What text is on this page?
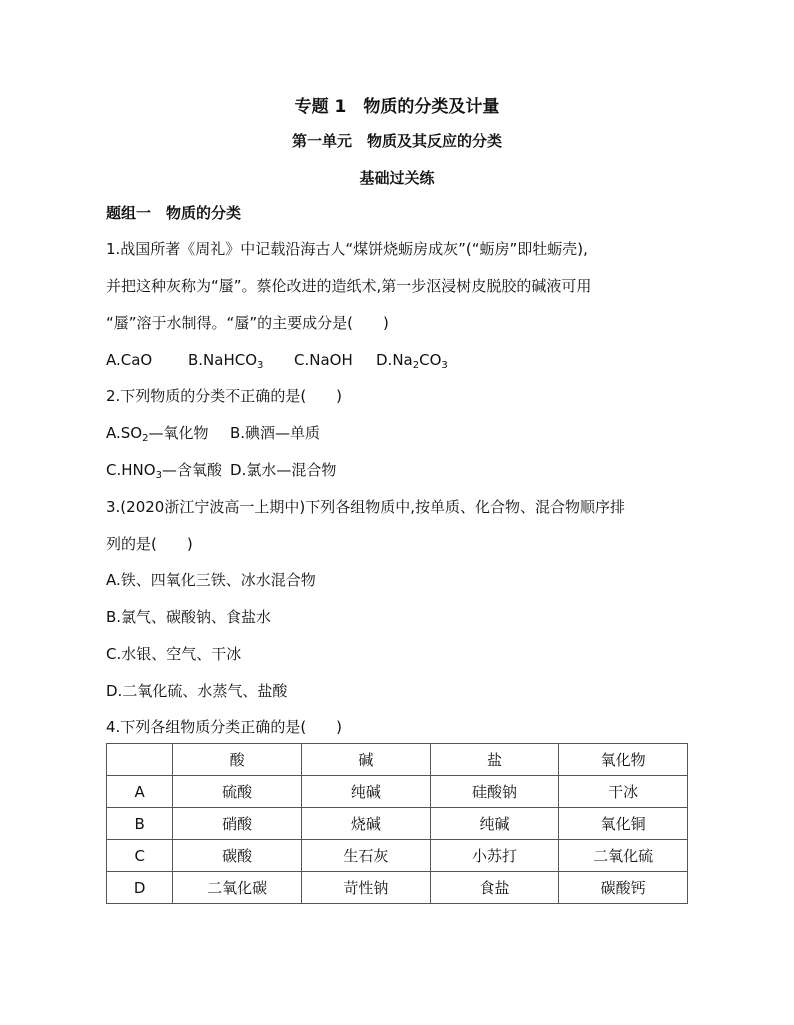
专题 1　物质的分类及计量
第一单元　物质及其反应的分类
基础过关练
题组一　物质的分类
1.战国所著《周礼》中记载沿海古人“煤饼烧蛎房成灰”(“蛎房”即牡蛎壳),
并把这种灰称为“蜃”。蔡伦改进的造纸术,第一步沤浸树皮脱胶的碱液可用
“蜃”溶于水制得。“蜃”的主要成分是(　　)
A.CaO B.NaHCO$_3$ C.NaOH $D.Na_2CO_3$
2.下列物质的分类不正确的是(　　)
$A.SO_2—$氧化物 B.碘酒—单质
$C.HNO_3—$含氧酸 D.氯水—混合物
3.(2020浙江宁波高一上期中)下列各组物质中,按单质、化合物、混合物顺序排
列的是(　　)
A.铁、四氧化三铁、冰水混合物
B.氯气、碳酸钠、食盐水
C.水银、空气、干冰
D.二氧化硫、水蒸气、盐酸
4.下列各组物质分类正确的是(　　)
	酸	碱	盐	氧化物
A	硫酸	纯碱	硅酸钠	干冰
B	硝酸	烧碱	纯碱	氧化铜
C	碳酸	生石灰	小苏打	二氧化硫
D	二氧化碳	苛性钠	食盐	碳酸钙
